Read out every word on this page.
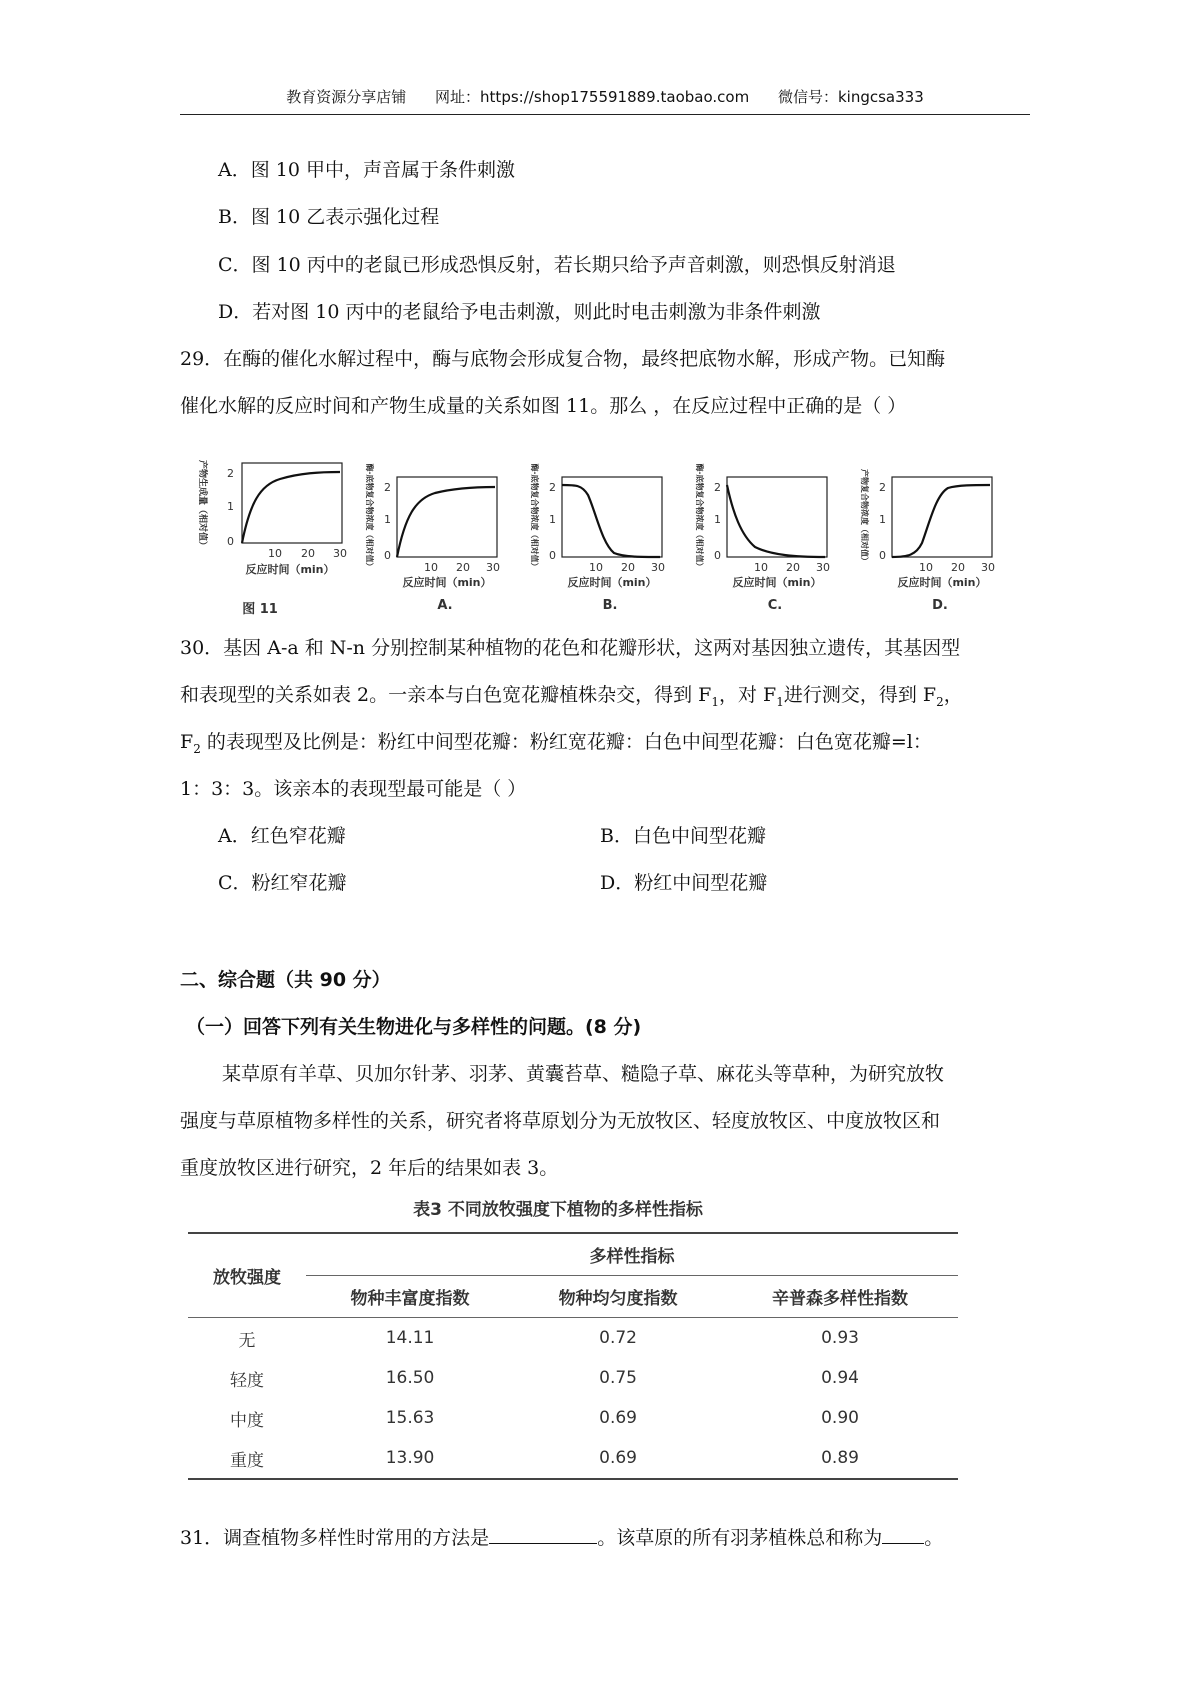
教育资源分享店铺 网址：https://shop175591889.taobao.com 微信号：kingcsa333
A．图 10 甲中，声音属于条件刺激
B．图 10 乙表示强化过程
C．图 10 丙中的老鼠已形成恐惧反射，若长期只给予声音刺激，则恐惧反射消退
D．若对图 10 丙中的老鼠给予电击刺激，则此时电击刺激为非条件刺激
29．在酶的催化水解过程中，酶与底物会形成复合物，最终把底物水解，形成产物。已知酶
催化水解的反应时间和产物生成量的关系如图 11。那么 ，在反应过程中正确的是（ ）
2
1
0
10 20 30
反应时间（min）
产物生成量（相对值）
图 11
2
1
0
10 20 30
反应时间（min）
酶·底物复合物浓度（相对值）
A.
2
1
0
10 20 30
反应时间（min）
酶·底物复合物浓度（相对值）
B.
2
1
0
10 20 30
反应时间（min）
酶·底物复合物浓度（相对值）
C.
2
1
0
10 20 30
反应时间（min）
产物复合物浓度（相对值）
D.
30．基因 A-a 和 N-n 分别控制某种植物的花色和花瓣形状，这两对基因独立遗传，其基因型
和表现型的关系如表 2。一亲本与白色宽花瓣植株杂交，得到 $F_1$，对 $F_1$进行测交，得到 $F_2$，
$F_2$ 的表现型及比例是：粉红中间型花瓣：粉红宽花瓣：白色中间型花瓣：白色宽花瓣=l：
1：3：3。该亲本的表现型最可能是（ ）
A．红色窄花瓣	B．白色中间型花瓣
C．粉红窄花瓣	D．粉红中间型花瓣
二、综合题（共 90 分）
（一）回答下列有关生物进化与多样性的问题。(8 分)
某草原有羊草、贝加尔针茅、羽茅、黄囊苔草、糙隐子草、麻花头等草种，为研究放牧
强度与草原植物多样性的关系，研究者将草原划分为无放牧区、轻度放牧区、中度放牧区和
重度放牧区进行研究，2 年后的结果如表 3。
表3 不同放牧强度下植物的多样性指标
放牧强度	多样性指标		
	物种丰富度指数	物种均匀度指数	辛普森多样性指数
无	14.11	0.72	0.93
轻度	16.50	0.75	0.94
中度	15.63	0.69	0.90
重度	13.90	0.69	0.89
31．调查植物多样性时常用的方法是	。该草原的所有羽茅植株总和称为 。
